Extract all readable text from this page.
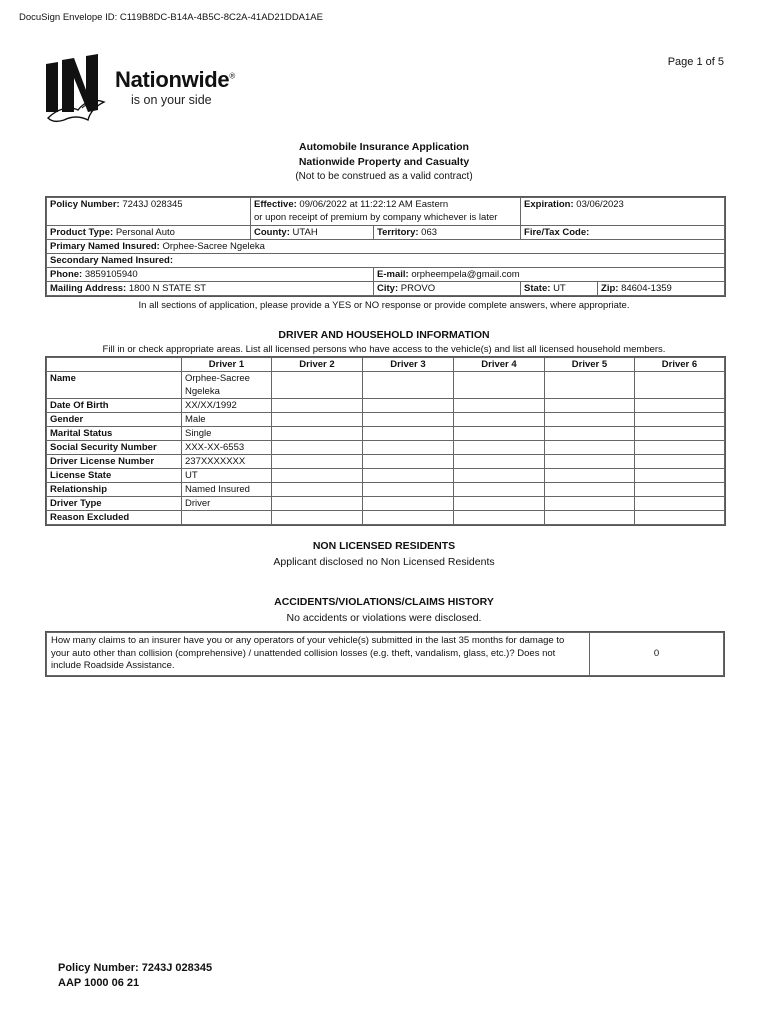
DocuSign Envelope ID: C119B8DC-B14A-4B5C-8C2A-41AD21DDA1AE
Page 1 of 5
Nationwide®
is on your side
Automobile Insurance Application
Nationwide Property and Casualty
(Not to be construed as a valid contract)
Policy Number: 7243J 028345	Effective: 09/06/2022 at 11:22:12 AM Eastern
or upon receipt of premium by company whichever is later		Expiration: 03/06/2023	
Product Type: Personal Auto	County: UTAH	Territory: 063	Fire/Tax Code:	
Primary Named Insured: Orphee-Sacree Ngeleka				
Secondary Named Insured:				
Phone: 3859105940		E-mail: orpheempela@gmail.com		
Mailing Address: 1800 N STATE ST		City: PROVO	State: UT	Zip: 84604-1359
In all sections of application, please provide a YES or NO response or provide complete answers, where appropriate.
DRIVER AND HOUSEHOLD INFORMATION
Fill in or check appropriate areas. List all licensed persons who have access to the vehicle(s) and list all licensed household members.
	Driver 1	Driver 2	Driver 3	Driver 4	Driver 5	Driver 6
Name	Orphee-Sacree
Ngeleka					
Date Of Birth	XX/XX/1992					
Gender	Male					
Marital Status	Single					
Social Security Number	XXX-XX-6553					
Driver License Number	237XXXXXXX					
License State	UT					
Relationship	Named Insured					
Driver Type	Driver					
Reason Excluded						
NON LICENSED RESIDENTS
Applicant disclosed no Non Licensed Residents
ACCIDENTS/VIOLATIONS/CLAIMS HISTORY
No accidents or violations were disclosed.
How many claims to an insurer have you or any operators of your vehicle(s) submitted in the last 35 months for damage to your auto other than collision (comprehensive) / unattended collision losses (e.g. theft, vandalism, glass, etc.)? Does not include Roadside Assistance.	0
Policy Number: 7243J 028345
AAP 1000 06 21
